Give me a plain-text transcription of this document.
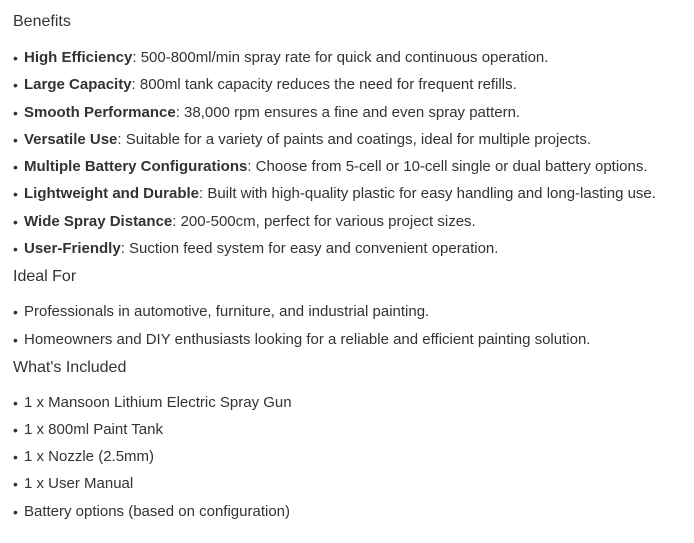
Benefits
• High Efficiency: 500-800ml/min spray rate for quick and continuous operation.
• Large Capacity: 800ml tank capacity reduces the need for frequent refills.
• Smooth Performance: 38,000 rpm ensures a fine and even spray pattern.
• Versatile Use: Suitable for a variety of paints and coatings, ideal for multiple projects.
• Multiple Battery Configurations: Choose from 5-cell or 10-cell single or dual battery options.
• Lightweight and Durable: Built with high-quality plastic for easy handling and long-lasting use.
• Wide Spray Distance: 200-500cm, perfect for various project sizes.
• User-Friendly: Suction feed system for easy and convenient operation.
Ideal For
• Professionals in automotive, furniture, and industrial painting.
• Homeowners and DIY enthusiasts looking for a reliable and efficient painting solution.
What's Included
• 1 x Mansoon Lithium Electric Spray Gun
• 1 x 800ml Paint Tank
• 1 x Nozzle (2.5mm)
• 1 x User Manual
• Battery options (based on configuration)
